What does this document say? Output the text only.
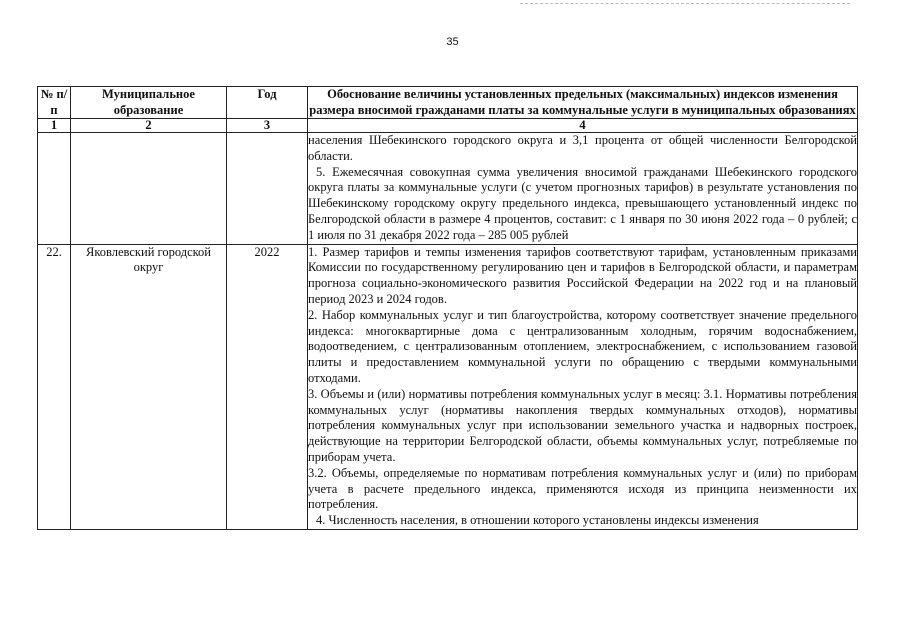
35
№ п/п	Муниципальное образование	Год	Обоснование величины установленных предельных (максимальных) индексов изменения размера вносимой гражданами платы за коммунальные услуги в муниципальных образованиях
1	2	3	4

			населения Шебекинского городского округа и 3,1 процента от общей численности Белгородской области.

5. Ежемесячная совокупная сумма увеличения вносимой гражданами Шебекинского городского округа платы за коммунальные услуги (с учетом прогнозных тарифов) в результате установления по Шебекинскому городскому округу предельного индекса, превышающего установленный индекс по Белгородской области в размере 4 процентов, составит: с 1 января по 30 июня 2022 года – 0 рублей; с 1 июля по 31 декабря 2022 года – 285 005 рублей

22.	Яковлевский городской округ	2022	1. Размер тарифов и темпы изменения тарифов соответствуют тарифам, установленным приказами Комиссии по государственному регулированию цен и тарифов в Белгородской области, и параметрам прогноза социально-экономического развития Российской Федерации на 2022 год и на плановый период 2023 и 2024 годов.

2. Набор коммунальных услуг и тип благоустройства, которому соответствует значение предельного индекса: многоквартирные дома с централизованным холодным, горячим водоснабжением, водоотведением, с централизованным отоплением, электроснабжением, с использованием газовой плиты и предоставлением коммунальной услуги по обращению с твердыми коммунальными отходами.

3. Объемы и (или) нормативы потребления коммунальных услуг в месяц: 3.1. Нормативы потребления коммунальных услуг (нормативы накопления твердых коммунальных отходов), нормативы потребления коммунальных услуг при использовании земельного участка и надворных построек, действующие на территории Белгородской области, объемы коммунальных услуг, потребляемые по приборам учета.

3.2. Объемы, определяемые по нормативам потребления коммунальных услуг и (или) по приборам учета в расчете предельного индекса, применяются исходя из принципа неизменности их потребления.

4. Численность населения, в отношении которого установлены индексы изменения
